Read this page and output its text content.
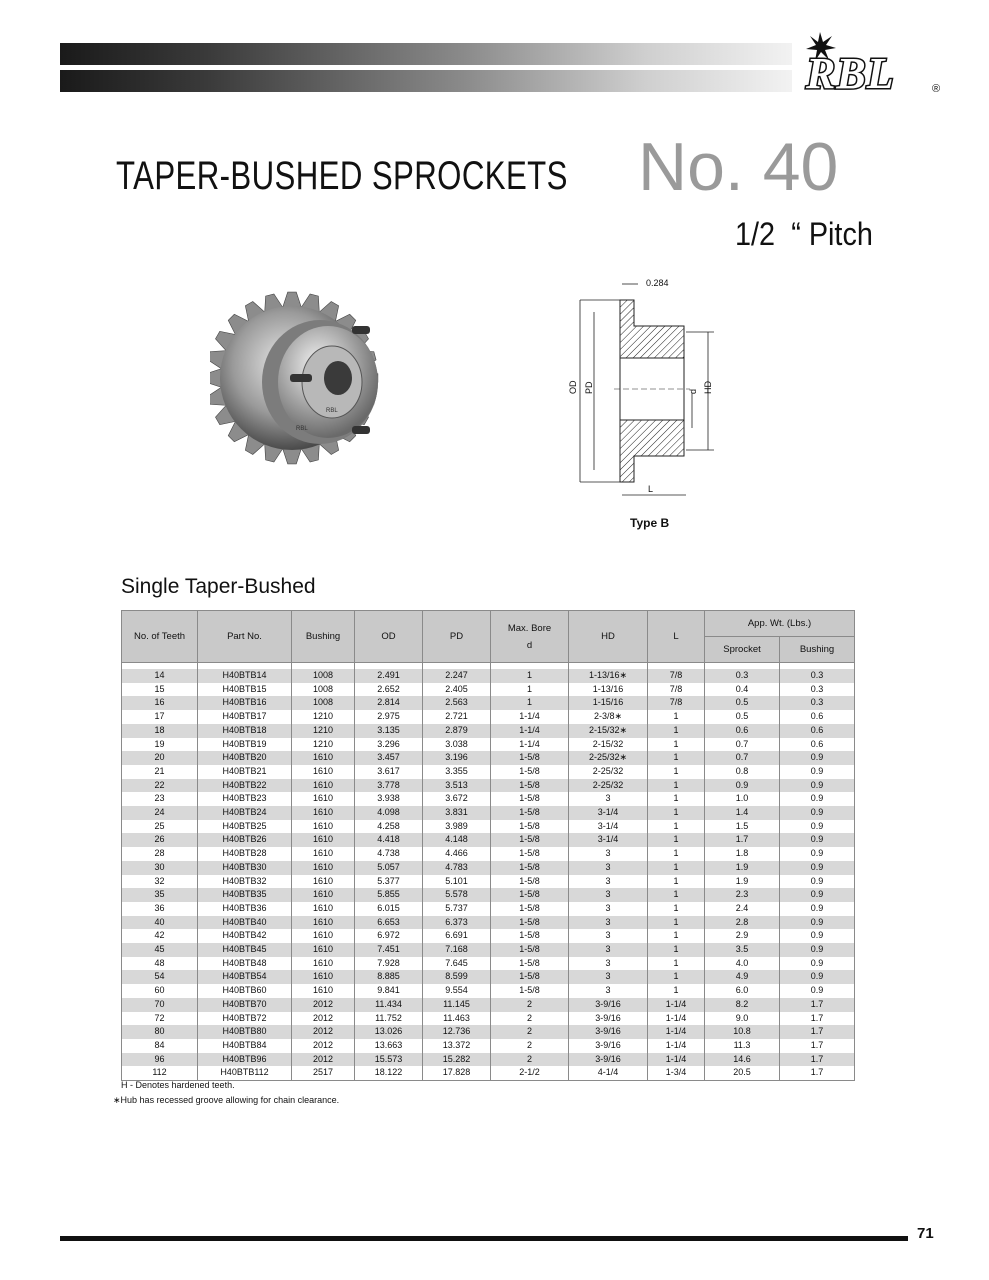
RBL	®
TAPER-BUSHED SPROCKETS No. 40
1/2 “ Pitch
RBL
RBL
0.284
OD PD	d HD
L
Type B
Single Taper-Bushed
No. of Teeth	Part No.	Bushing	OD	PD	Max. Bore
d	HD	L	App. Wt. (Lbs.)	
								Sprocket	Bushing

14	H40BTB14	1008	2.491	2.247	1	1-13/16∗	7/8	0.3	0.3
15	H40BTB15	1008	2.652	2.405	1	1-13/16	7/8	0.4	0.3
16	H40BTB16	1008	2.814	2.563	1	1-15/16	7/8	0.5	0.3
17	H40BTB17	1210	2.975	2.721	1-1/4	2-3/8∗	1	0.5	0.6
18	H40BTB18	1210	3.135	2.879	1-1/4	2-15/32∗	1	0.6	0.6
19	H40BTB19	1210	3.296	3.038	1-1/4	2-15/32	1	0.7	0.6
20	H40BTB20	1610	3.457	3.196	1-5/8	2-25/32∗	1	0.7	0.9
21	H40BTB21	1610	3.617	3.355	1-5/8	2-25/32	1	0.8	0.9
22	H40BTB22	1610	3.778	3.513	1-5/8	2-25/32	1	0.9	0.9
23	H40BTB23	1610	3.938	3.672	1-5/8	3	1	1.0	0.9
24	H40BTB24	1610	4.098	3.831	1-5/8	3-1/4	1	1.4	0.9
25	H40BTB25	1610	4.258	3.989	1-5/8	3-1/4	1	1.5	0.9
26	H40BTB26	1610	4.418	4.148	1-5/8	3-1/4	1	1.7	0.9
28	H40BTB28	1610	4.738	4.466	1-5/8	3	1	1.8	0.9
30	H40BTB30	1610	5.057	4.783	1-5/8	3	1	1.9	0.9
32	H40BTB32	1610	5.377	5.101	1-5/8	3	1	1.9	0.9
35	H40BTB35	1610	5.855	5.578	1-5/8	3	1	2.3	0.9
36	H40BTB36	1610	6.015	5.737	1-5/8	3	1	2.4	0.9
40	H40BTB40	1610	6.653	6.373	1-5/8	3	1	2.8	0.9
42	H40BTB42	1610	6.972	6.691	1-5/8	3	1	2.9	0.9
45	H40BTB45	1610	7.451	7.168	1-5/8	3	1	3.5	0.9
48	H40BTB48	1610	7.928	7.645	1-5/8	3	1	4.0	0.9
54	H40BTB54	1610	8.885	8.599	1-5/8	3	1	4.9	0.9
60	H40BTB60	1610	9.841	9.554	1-5/8	3	1	6.0	0.9
70	H40BTB70	2012	11.434	11.145	2	3-9/16	1-1/4	8.2	1.7
72	H40BTB72	2012	11.752	11.463	2	3-9/16	1-1/4	9.0	1.7
80	H40BTB80	2012	13.026	12.736	2	3-9/16	1-1/4	10.8	1.7
84	H40BTB84	2012	13.663	13.372	2	3-9/16	1-1/4	11.3	1.7
96	H40BTB96	2012	15.573	15.282	2	3-9/16	1-1/4	14.6	1.7
112	H40BTB112	2517	18.122	17.828	2-1/2	4-1/4	1-3/4	20.5	1.7
H - Denotes hardened teeth.
∗Hub has recessed groove allowing for chain clearance.
71
